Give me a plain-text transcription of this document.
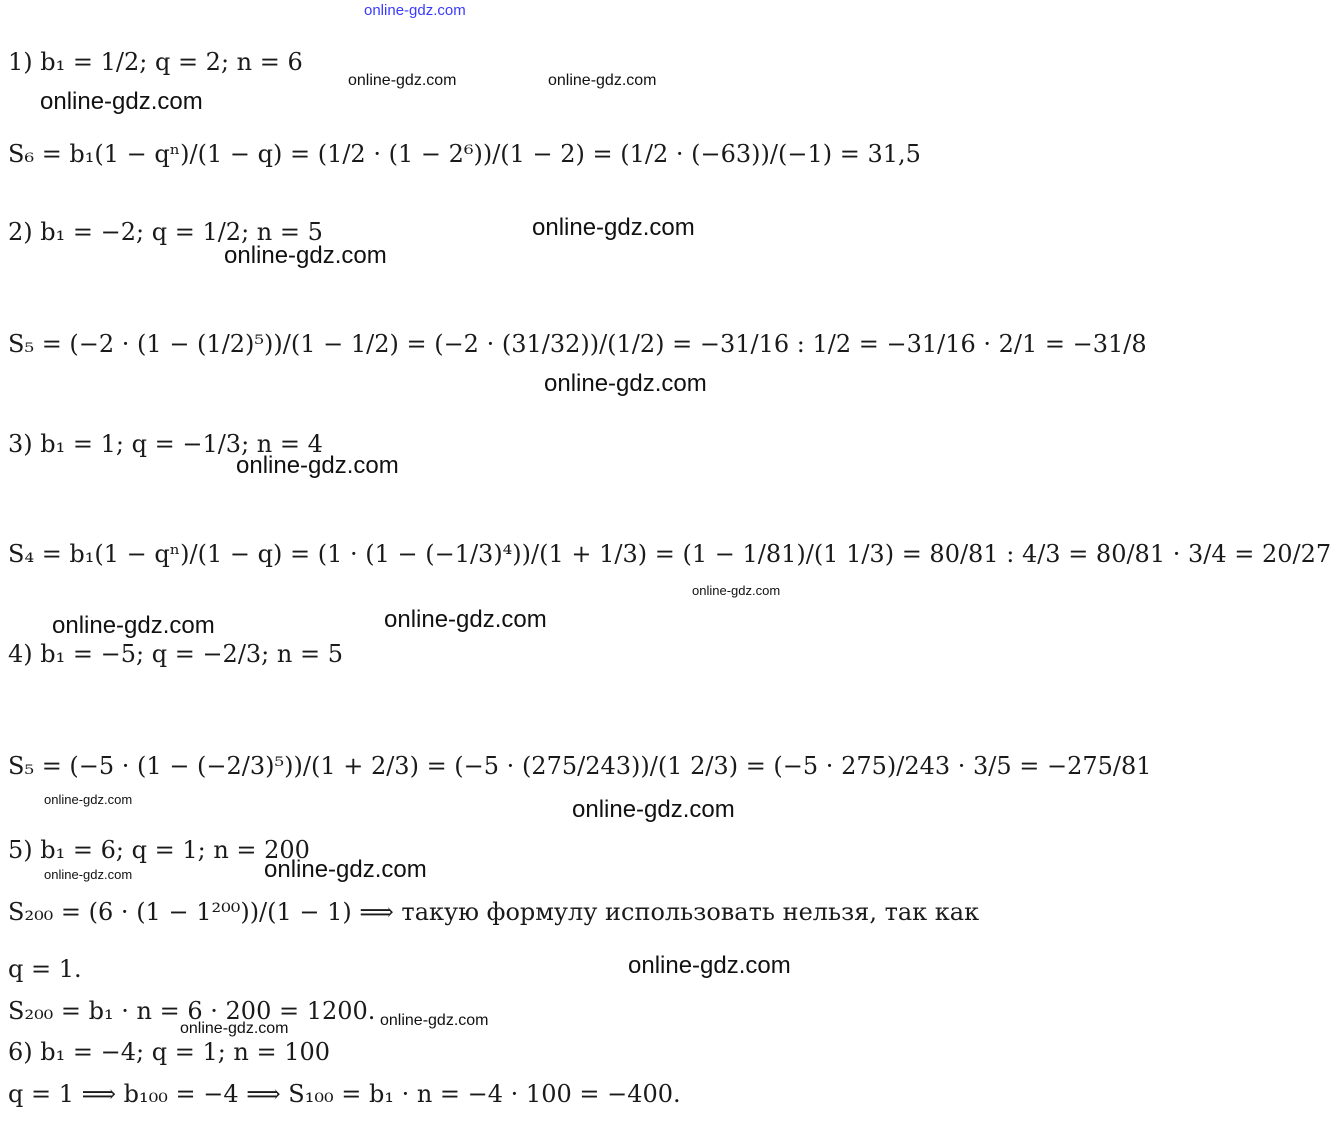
online-gdz.com
1) b₁ = 1/2; q = 2; n = 6
S₆ = b₁(1 − qⁿ)/(1 − q) = (1/2 · (1 − 2⁶))/(1 − 2) = (1/2 · (−63))/(−1) = 31,5
2) b₁ = −2; q = 1/2; n = 5
S₅ = (−2 · (1 − (1/2)⁵))/(1 − 1/2) = (−2 · (31/32))/(1/2) = −31/16 : 1/2 = −31/16 · 2/1 = −31/8
3) b₁ = 1; q = −1/3; n = 4
S₄ = b₁(1 − qⁿ)/(1 − q) = (1 · (1 − (−1/3)⁴))/(1 + 1/3) = (1 − 1/81)/(1 1/3) = 80/81 : 4/3 = 80/81 · 3/4 = 20/27
4) b₁ = −5; q = −2/3; n = 5
S₅ = (−5 · (1 − (−2/3)⁵))/(1 + 2/3) = (−5 · (275/243))/(1 2/3) = (−5 · 275)/243 · 3/5 = −275/81
5) b₁ = 6; q = 1; n = 200
S₂₀₀ = (6 · (1 − 1²⁰⁰))/(1 − 1) ⟹ такую формулу использовать нельзя, так как
q = 1.
S₂₀₀ = b₁ · n = 6 · 200 = 1200.
6) b₁ = −4; q = 1; n = 100
q = 1 ⟹ b₁₀₀ = −4 ⟹ S₁₀₀ = b₁ · n = −4 · 100 = −400.
online-gdz.com	online-gdz.com
online-gdz.com
online-gdz.com
online-gdz.com
online-gdz.com
online-gdz.com
online-gdz.com
online-gdz.com	online-gdz.com
online-gdz.com	online-gdz.com
online-gdz.com
online-gdz.com
online-gdz.com
online-gdz.com
online-gdz.com
